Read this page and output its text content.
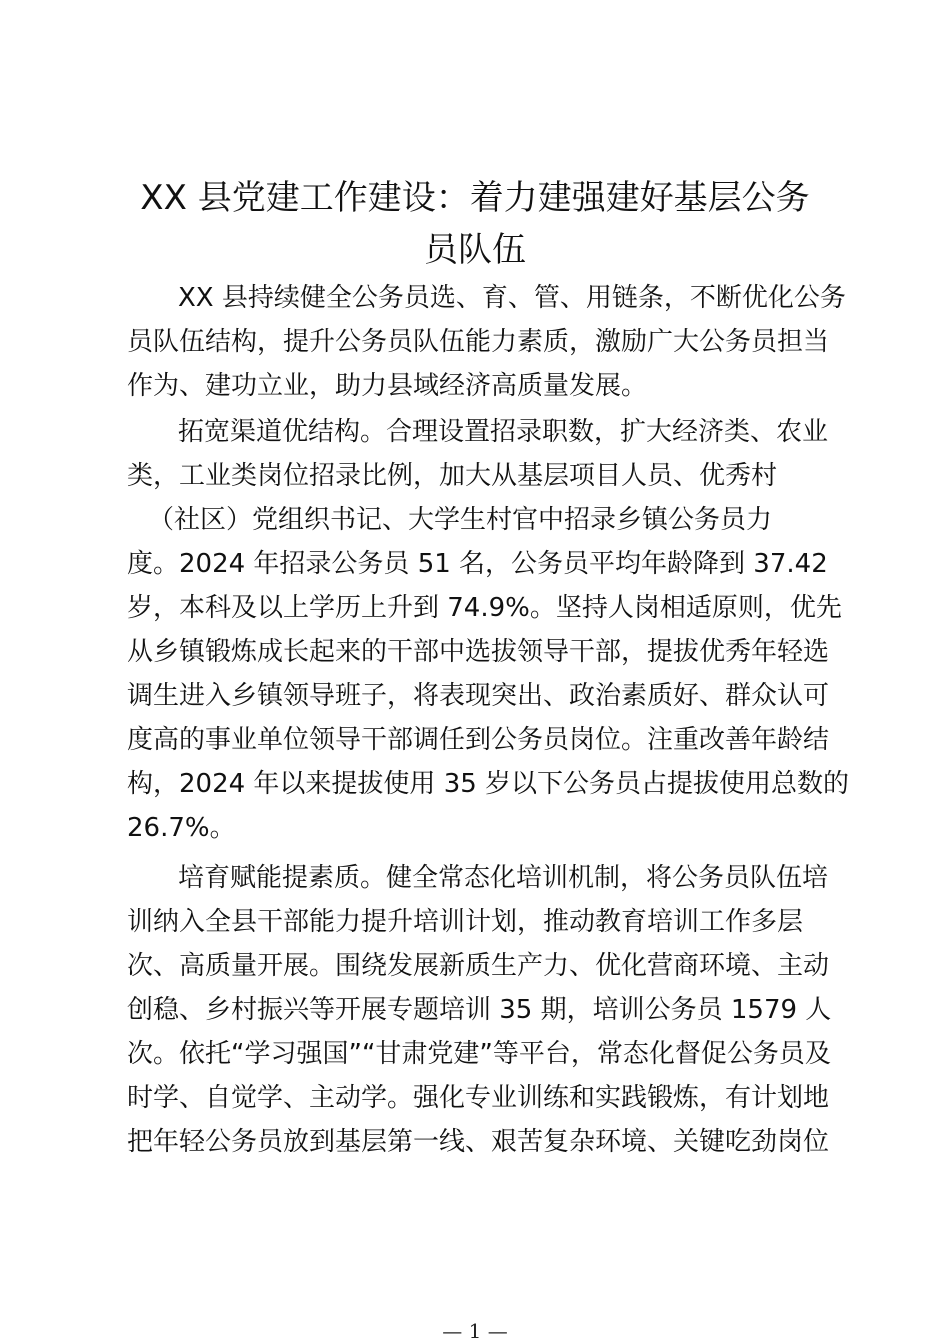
XX 县党建工作建设：着力建强建好基层公务
员队伍

XX 县持续健全公务员选、育、管、用链条，不断优化公务

员队伍结构，提升公务员队伍能力素质，激励广大公务员担当

作为、建功立业，助力县域经济高质量发展。

拓宽渠道优结构。合理设置招录职数，扩大经济类、农业

类，工业类岗位招录比例，加大从基层项目人员、优秀村

（社区）党组织书记、大学生村官中招录乡镇公务员力

度。2024 年招录公务员 51 名，公务员平均年龄降到 37.42

岁，本科及以上学历上升到 74.9%。坚持人岗相适原则，优先

从乡镇锻炼成长起来的干部中选拔领导干部，提拔优秀年轻选

调生进入乡镇领导班子，将表现突出、政治素质好、群众认可

度高的事业单位领导干部调任到公务员岗位。注重改善年龄结

构，2024 年以来提拔使用 35 岁以下公务员占提拔使用总数的

26.7%。

培育赋能提素质。健全常态化培训机制，将公务员队伍培

训纳入全县干部能力提升培训计划，推动教育培训工作多层

次、高质量开展。围绕发展新质生产力、优化营商环境、主动

创稳、乡村振兴等开展专题培训 35 期，培训公务员 1579 人

次。依托“学习强国”“甘肃党建”等平台，常态化督促公务员及

时学、自觉学、主动学。强化专业训练和实践锻炼，有计划地

把年轻公务员放到基层第一线、艰苦复杂环境、关键吃劲岗位

— 1 —
